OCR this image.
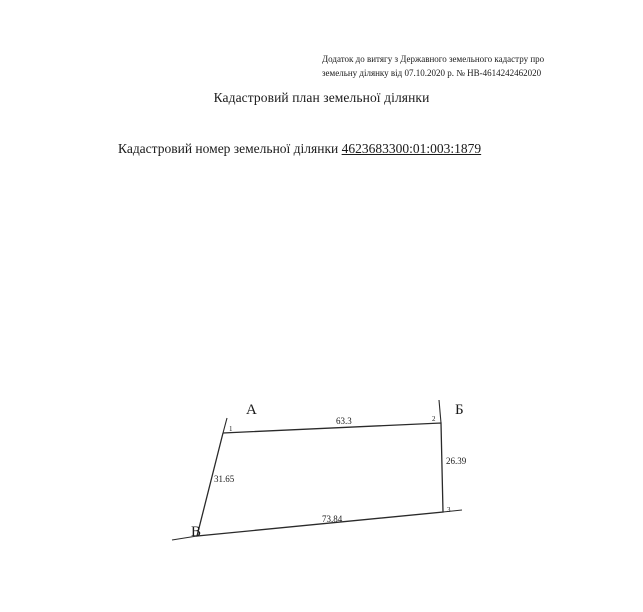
Додаток до витягу з Державного земельного кадастру про
земельну ділянку від 07.10.2020 р. № НВ-4614242462020
Кадастровий план земельної ділянки
Кадастровий номер земельної ділянки 4623683300:01:003:1879
А	Б
В
1
2
3
63.3
26.39
73.84
31.65
